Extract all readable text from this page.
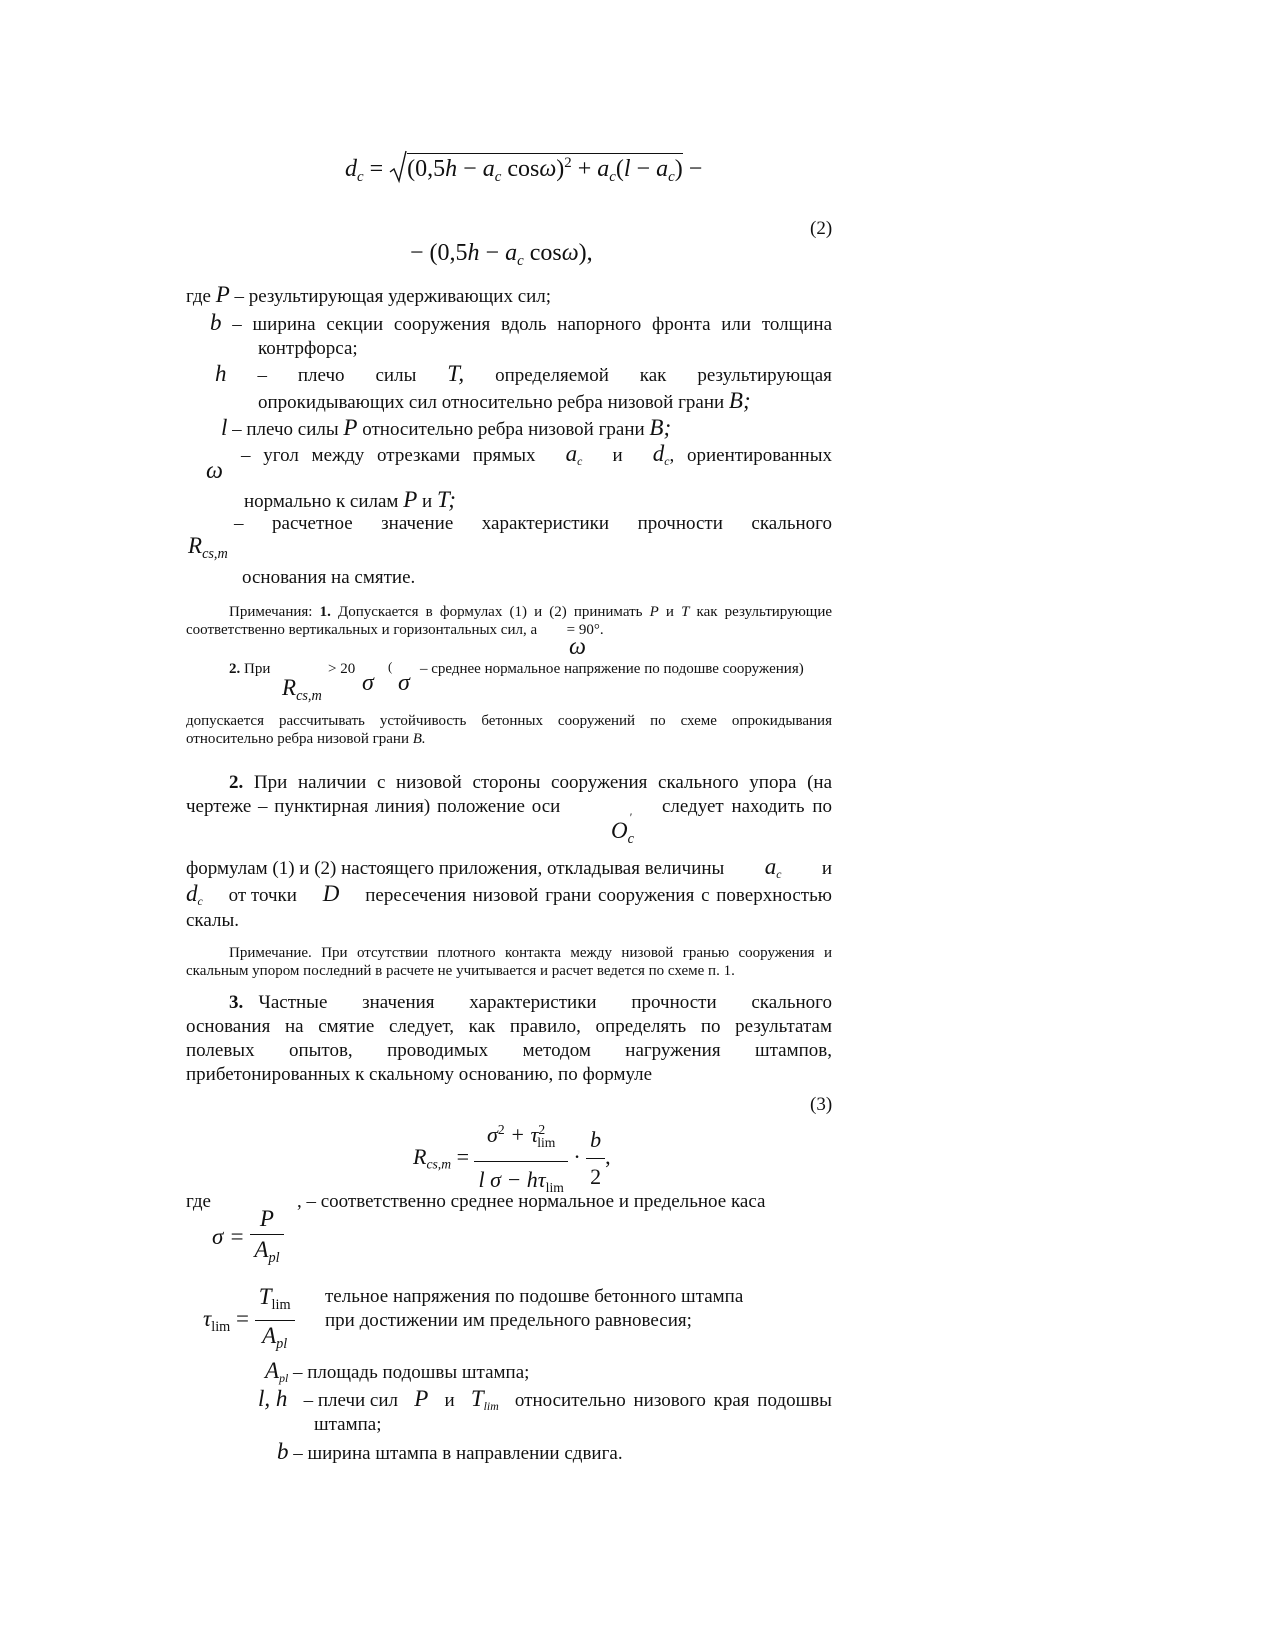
$d_c = (0,5h - a_c$ $\cos\omega)^2 + a_c(l - a_c)$ −
(2)
− ($0,5h - a_c$ cosω),
где P – результирующая удерживающих сил;
b – ширина секции сооружения вдоль напорного фронта или толщина
контрфорса;
h – плечо силы T, определяемой как результирующая
опрокидывающих сил относительно ребра низовой грани B;
l – плечо силы P относительно ребра низовой грани B;
ω
– угол между отрезками прямых $a_c$ и $d_c$, ориентированных
нормально к силам P и T;
$R_{cs,m}$
– расчетное значение характеристики прочности скального
основания на смятие.
Примечания: 1. Допускается в формулах (1) и (2) принимать P и T как результирующие
соответственно вертикальных и горизонтальных сил, а = 90°.
ω
2. При	> 20	( – среднее нормальное напряжение по подошве сооружения)
$R_{cs,m}$ σ σ
допускается рассчитывать устойчивость бетонных сооружений по схеме опрокидывания
относительно ребра низовой грани B.
2. При наличии с низовой стороны сооружения скального упора (на
чертеже – пунктирная линия) положение оси	следует находить по
$O_c$
'
формулам (1) и (2) настоящего приложения, откладывая величины $a_c$ и
$d_c$ от точки D пересечения низовой грани сооружения с поверхностью
скалы.
Примечание. При отсутствии плотного контакта между низовой гранью сооружения и
скальным упором последний в расчете не учитывается и расчет ведется по схеме п. 1.
3. Частные значения характеристики прочности скального
основания на смятие следует, как правило, определять по результатам
полевых опытов, проводимых методом нагружения штампов,
прибетонированных к скальному основанию, по формуле
(3)
$R_{cs,m} = \frac{\sigma^2 + \tau^2_{lim}}{l \sigma - h\tau_{lim}} \cdot \frac{b}{2}$ ,
где	, – соответственно среднее нормальное и предельное каса
$\sigma = \frac{P}{A_{pl}}$
$\tau_{lim} = \frac{T_{lim}}{A_{pl}}$ тельное напряжения по подошве бетонного штампа
при достижении им предельного равновесия;
$A_{pl}$ – площадь подошвы штампа;
l, h – плечи сил P и $T_{lim}$ относительно низового края подошвы
штампа;
b – ширина штампа в направлении сдвига.
